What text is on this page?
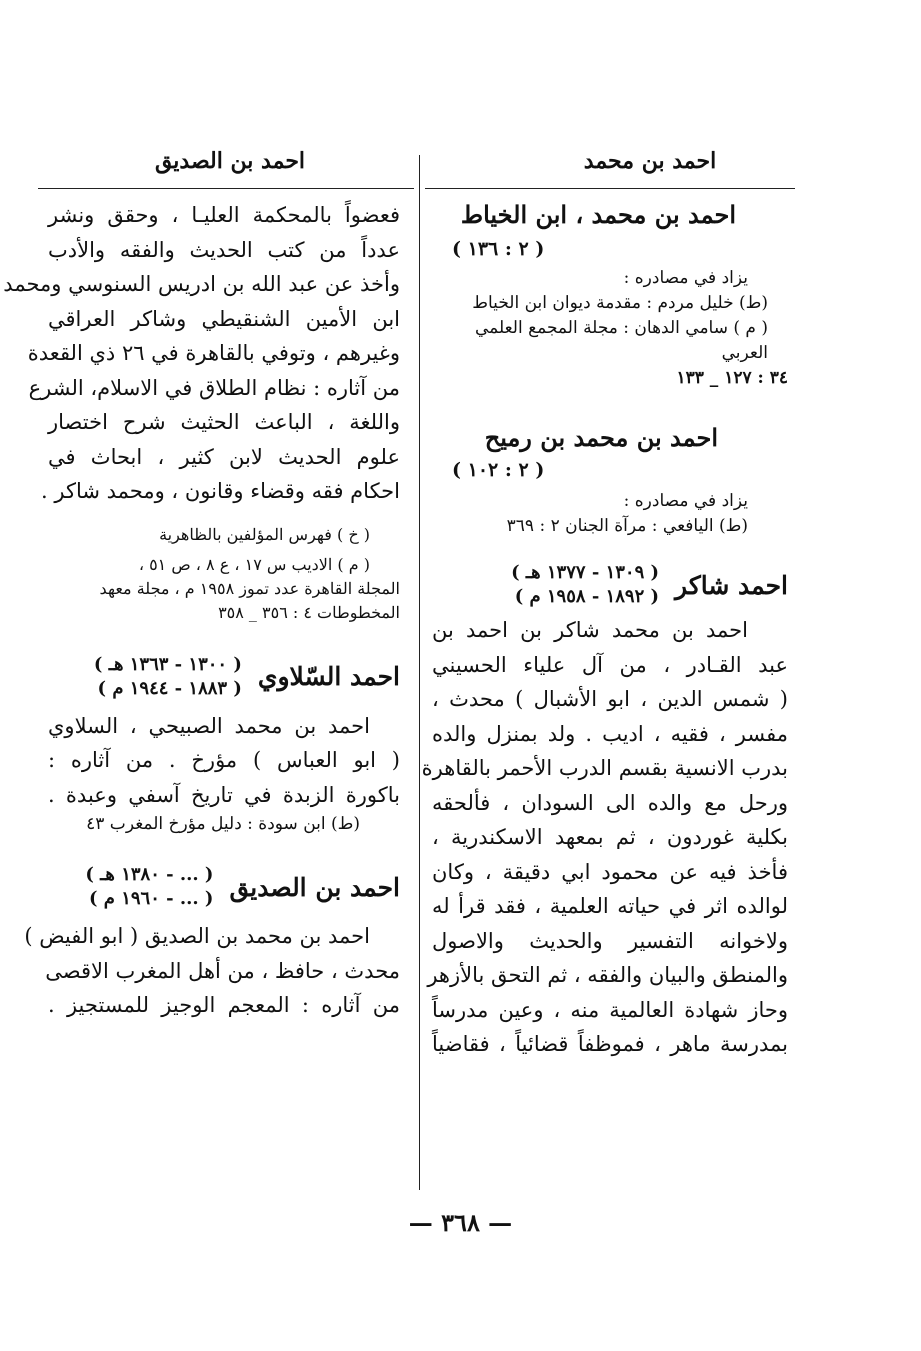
احمد بن محمد
احمد بن الصديق
احمد بن محمد ، ابن الخياط
( ٢ : ١٣٦ )
يزاد في مصادره :
(ط) خليل مردم : مقدمة ديوان ابن الخياط
( م ) سامي الدهان : مجلة المجمع العلمي العربي
٣٤ : ١٢٧ _ ١٣٣
احمد بن محمد بن رميح
( ٢ : ١٠٢ )
يزاد في مصادره :
(ط) اليافعي : مرآة الجنان ٢ : ٣٦٩
احمد شاكر
( ١٣٠٩ - ١٣٧٧ هـ )
( ١٨٩٢ - ١٩٥٨ م )
احمد بن محمد شاكر بن احمد بن
عبد القـادر ، من آل علياء الحسيني
( شمس الدين ، ابو الأشبال ) محدث ،
مفسر ، فقيه ، اديب . ولد بمنزل والده
بدرب الانسية بقسم الدرب الأحمر بالقاهرة
ورحل مع والده الى السودان ، فألحقه
بكلية غوردون ، ثم بمعهد الاسكندرية ،
فأخذ فيه عن محمود ابي دقيقة ، وكان
لوالده اثر في حياته العلمية ، فقد قرأ له
ولاخوانه التفسير والحديث والاصول
والمنطق والبيان والفقه ، ثم التحق بالأزهر
وحاز شهادة العالمية منه ، وعين مدرساً
بمدرسة ماهر ، فموظفاً قضائياً ، فقاضياً
فعضواً بالمحكمة العليـا ، وحقق ونشر
عدداً من كتب الحديث والفقه والأدب
وأخذ عن عبد الله بن ادريس السنوسي ومحمد
ابن الأمين الشنقيطي وشاكر العراقي
وغيرهم ، وتوفي بالقاهرة في ٢٦ ذي القعدة
من آثاره : نظام الطلاق في الاسلام، الشرع
واللغة ، الباعث الحثيث شرح اختصار
علوم الحديث لابن كثير ، ابحاث في
احكام فقه وقضاء وقانون ، ومحمد شاكر .
( خ ) فهرس المؤلفين بالظاهرية
( م ) الاديب س ١٧ ، ع ٨ ، ص ٥١ ،
المجلة القاهرة عدد تموز ١٩٥٨ م ، مجلة معهد
المخطوطات ٤ : ٣٥٦ _ ٣٥٨
احمد السّلاوي
( ١٣٠٠ - ١٣٦٣ هـ )
( ١٨٨٣ - ١٩٤٤ م )
احمد بن محمد الصبيحي ، السلاوي
( ابو العباس ) مؤرخ . من آثاره :
باكورة الزبدة في تاريخ آسفي وعبدة .
(ط) ابن سودة : دليل مؤرخ المغرب ٤٣
احمد بن الصديق
( ... - ١٣٨٠ هـ )
( ... - ١٩٦٠ م )
احمد بن محمد بن الصديق ( ابو الفيض )
محدث ، حافظ ، من أهل المغرب الاقصى
من آثاره : المعجم الوجيز للمستجيز .
— ٣٦٨ —
